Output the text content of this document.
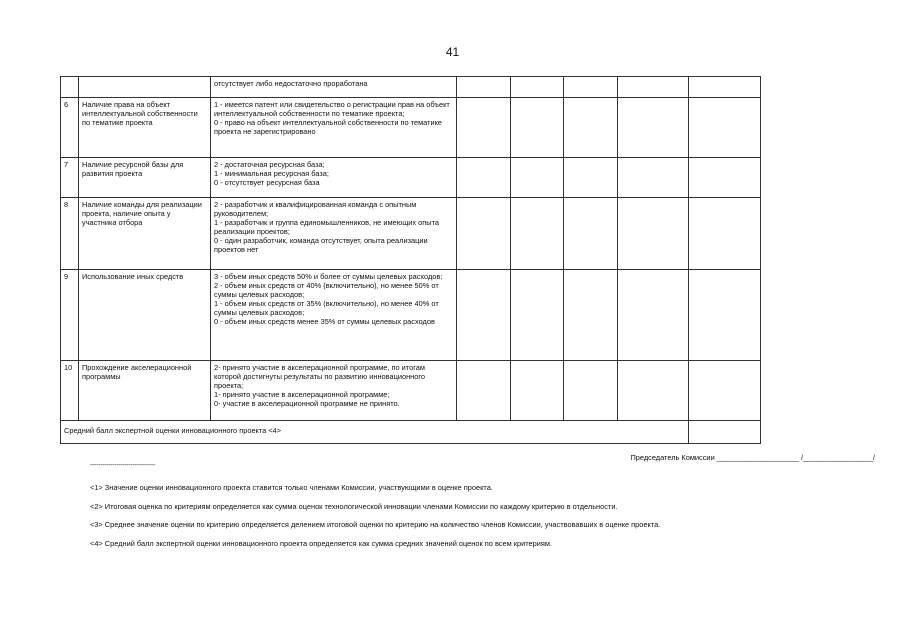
41
		отсутствует либо недостаточно проработана					
6	Наличие права на объект интеллектуальной собственности по тематике проекта	1 - имеется патент или свидетельство о регистрации прав на объект интеллектуальной собственности по тематике проекта;
0 - право на объект интеллектуальной собственности по тематике проекта не зарегистрировано					
7	Наличие ресурсной базы для развития проекта	2 - достаточная ресурсная база;
1 - минимальная ресурсная база;
0 - отсутствует ресурсная база					
8	Наличие команды для реализации проекта, наличие опыта у участника отбора	2 - разработчик и квалифицированная команда с опытным руководителем;
1 - разработчик и группа единомышленников, не имеющих опыта реализации проектов;
0 - один разработчик, команда отсутствует, опыта реализации проектов нет					
9	Использование иных средств	3 - объем иных средств 50% и более от суммы целевых расходов;
2 - объем иных средств от 40% (включительно), но менее 50% от суммы целевых расходов;
1 - объем иных средств от 35% (включительно), но менее 40% от суммы целевых расходов;
0 - объем иных средств менее 35% от суммы целевых расходов					
10	Прохождение акселерационной программы	2- принято участие в акселерационной программе, по итогам которой достигнуты результаты по развитию инновационного проекта;
1- принято участие в акселерационной программе;
0- участие в акселерационной программе не принято.					
Средний балл экспертной оценки инновационного проекта <4>							
Председатель Комиссии ____________________ /_________________/
--------------------------------
<1> Значение оценки инновационного проекта ставится только членами Комиссии, участвующими в оценке проекта.
<2> Итоговая оценка по критериям определяется как сумма оценок технологической инновации членами Комиссии по каждому критерию в отдельности.
<3> Среднее значение оценки по критерию определяется делением итоговой оценки по критерию на количество членов Комиссии, участвовавших в оценке проекта.
<4> Средний балл экспертной оценки инновационного проекта определяется как сумма средних значений оценок по всем критериям.
